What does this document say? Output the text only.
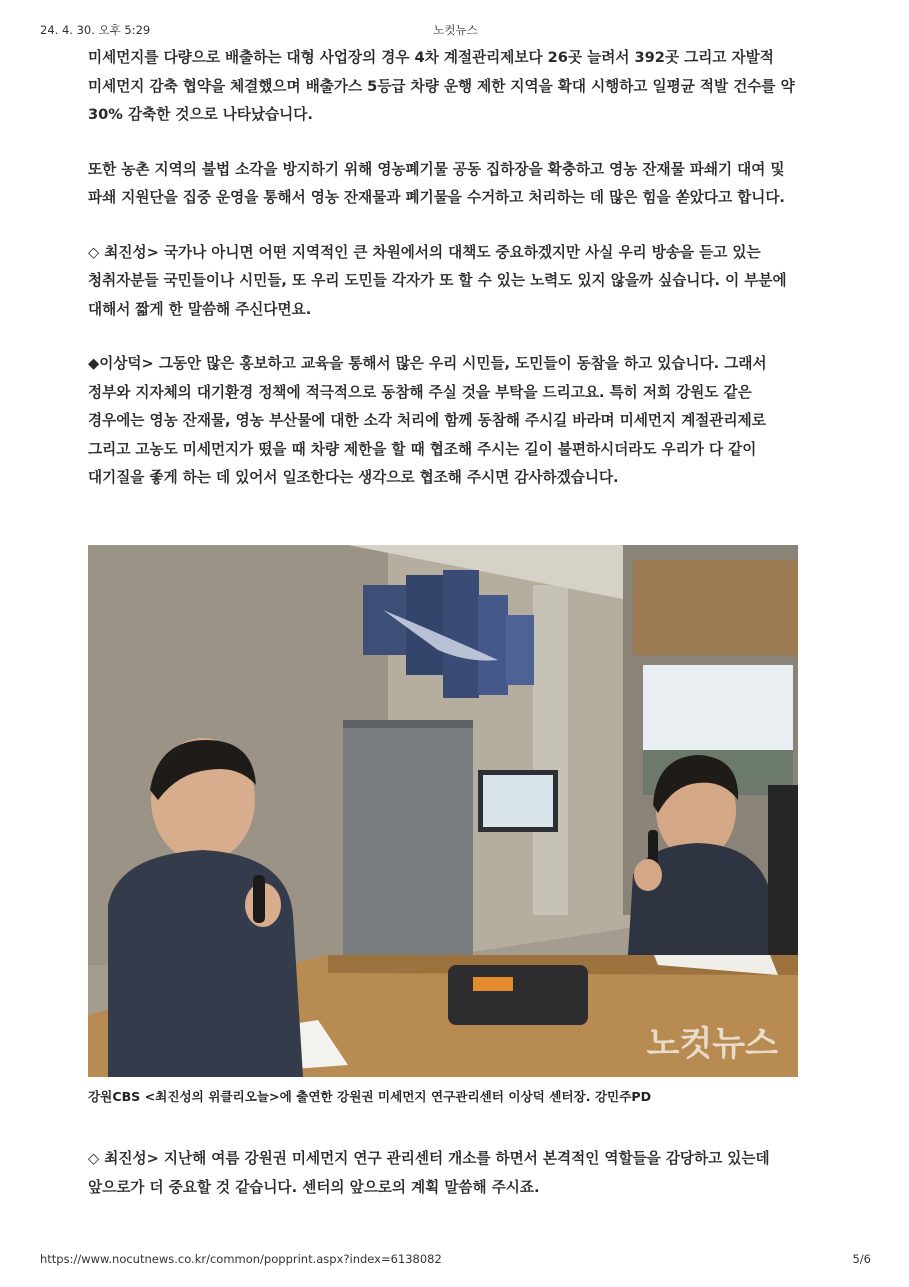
24. 4. 30. 오후 5:29	노컷뉴스

미세먼지를 다량으로 배출하는 대형 사업장의 경우 4차 계절관리제보다 26곳 늘려서 392곳 그리고 자발적 미세먼지 감축 협약을 체결했으며 배출가스 5등급 차량 운행 제한 지역을 확대 시행하고 일평균 적발 건수를 약 30% 감축한 것으로 나타났습니다.

또한 농촌 지역의 불법 소각을 방지하기 위해 영농폐기물 공동 집하장을 확충하고 영농 잔재물 파쇄기 대여 및 파쇄 지원단을 집중 운영을 통해서 영농 잔재물과 폐기물을 수거하고 처리하는 데 많은 힘을 쏟았다고 합니다.

◇ 최진성> 국가나 아니면 어떤 지역적인 큰 차원에서의 대책도 중요하겠지만 사실 우리 방송을 듣고 있는 청취자분들 국민들이나 시민들, 또 우리 도민들 각자가 또 할 수 있는 노력도 있지 않을까 싶습니다. 이 부분에 대해서 짧게 한 말씀해 주신다면요.

◆이상덕> 그동안 많은 홍보하고 교육을 통해서 많은 우리 시민들, 도민들이 동참을 하고 있습니다. 그래서 정부와 지자체의 대기환경 정책에 적극적으로 동참해 주실 것을 부탁을 드리고요. 특히 저희 강원도 같은 경우에는 영농 잔재물, 영농 부산물에 대한 소각 처리에 함께 동참해 주시길 바라며 미세먼지 계절관리제로 그리고 고농도 미세먼지가 떴을 때 차량 제한을 할 때 협조해 주시는 길이 불편하시더라도 우리가 다 같이 대기질을 좋게 하는 데 있어서 일조한다는 생각으로 협조해 주시면 감사하겠습니다.

노컷뉴스

강원CBS <최진성의 위클리오늘>에 출연한 강원권 미세먼지 연구관리센터 이상덕 센터장. 강민주PD

◇ 최진성> 지난해 여름 강원권 미세먼지 연구 관리센터 개소를 하면서 본격적인 역할들을 감당하고 있는데 앞으로가 더 중요할 것 같습니다. 센터의 앞으로의 계획 말씀해 주시죠.

https://www.nocutnews.co.kr/common/popprint.aspx?index=6138082	5/6
